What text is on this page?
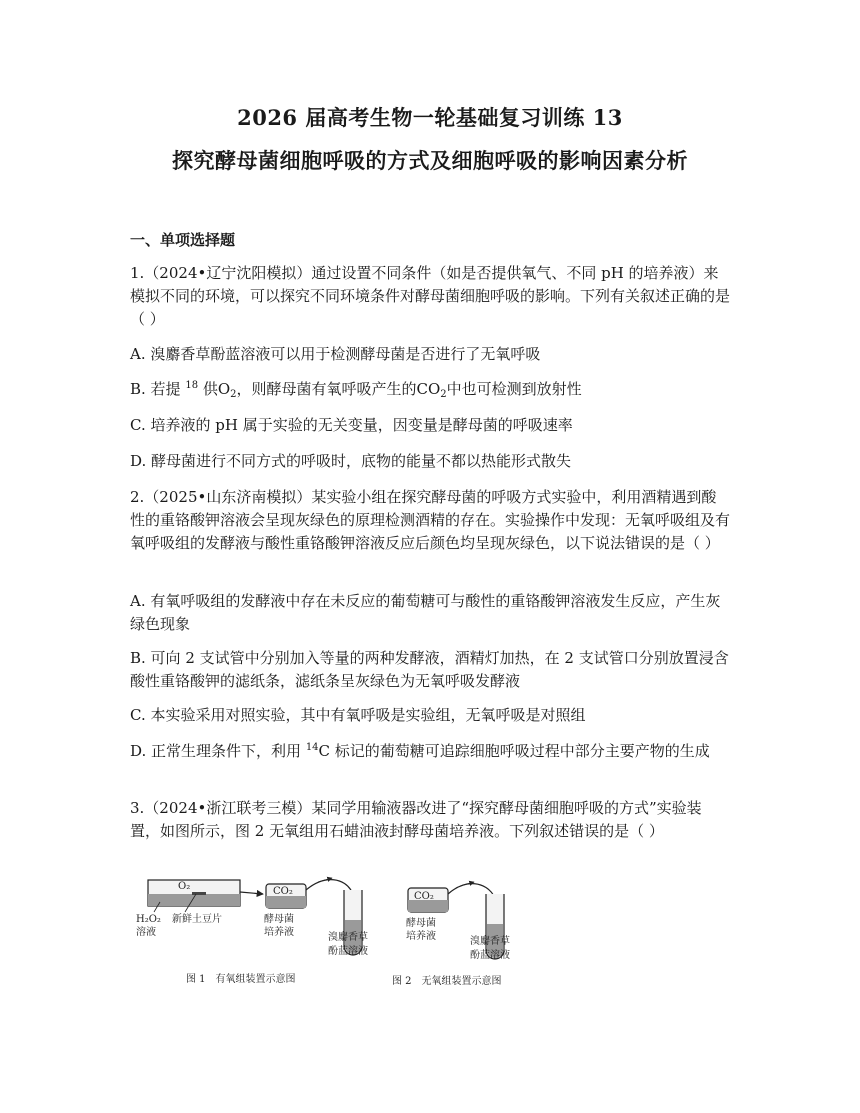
2026 届高考生物一轮基础复习训练 13
探究酵母菌细胞呼吸的方式及细胞呼吸的影响因素分析
一、单项选择题
1.（2024•辽宁沈阳模拟）通过设置不同条件（如是否提供氧气、不同 pH 的培养液）来模拟不同的环境，可以探究不同环境条件对酵母菌细胞呼吸的影响。下列有关叙述正确的是（ ）
A. 溴麝香草酚蓝溶液可以用于检测酵母菌是否进行了无氧呼吸
B. 若提 $^{18}$ 供$O_2$，则酵母菌有氧呼吸产生的$CO_2$中也可检测到放射性
C. 培养液的 pH 属于实验的无关变量，因变量是酵母菌的呼吸速率
D. 酵母菌进行不同方式的呼吸时，底物的能量不都以热能形式散失
2.（2025•山东济南模拟）某实验小组在探究酵母菌的呼吸方式实验中，利用酒精遇到酸性的重铬酸钾溶液会呈现灰绿色的原理检测酒精的存在。实验操作中发现：无氧呼吸组及有氧呼吸组的发酵液与酸性重铬酸钾溶液反应后颜色均呈现灰绿色，以下说法错误的是（ ）
A. 有氧呼吸组的发酵液中存在未反应的葡萄糖可与酸性的重铬酸钾溶液发生反应，产生灰绿色现象
B. 可向 2 支试管中分别加入等量的两种发酵液，酒精灯加热，在 2 支试管口分别放置浸含酸性重铬酸钾的滤纸条，滤纸条呈灰绿色为无氧呼吸发酵液
C. 本实验采用对照实验，其中有氧呼吸是实验组，无氧呼吸是对照组
D. 正常生理条件下，利用 $^{14}$C 标记的葡萄糖可追踪细胞呼吸过程中部分主要产物的生成
3.（2024•浙江联考三模）某同学用输液器改进了“探究酵母菌细胞呼吸的方式”实验装置，如图所示，图 2 无氧组用石蜡油液封酵母菌培养液。下列叙述错误的是（ ）
O₂
H₂O₂
溶液
新鲜土豆片
CO₂
酵母菌
培养液	溴麝香草
酚蓝溶液
图 1　有氧组装置示意图
CO₂
酵母菌
培养液	溴麝香草
酚蓝溶液
图 2　无氧组装置示意图
